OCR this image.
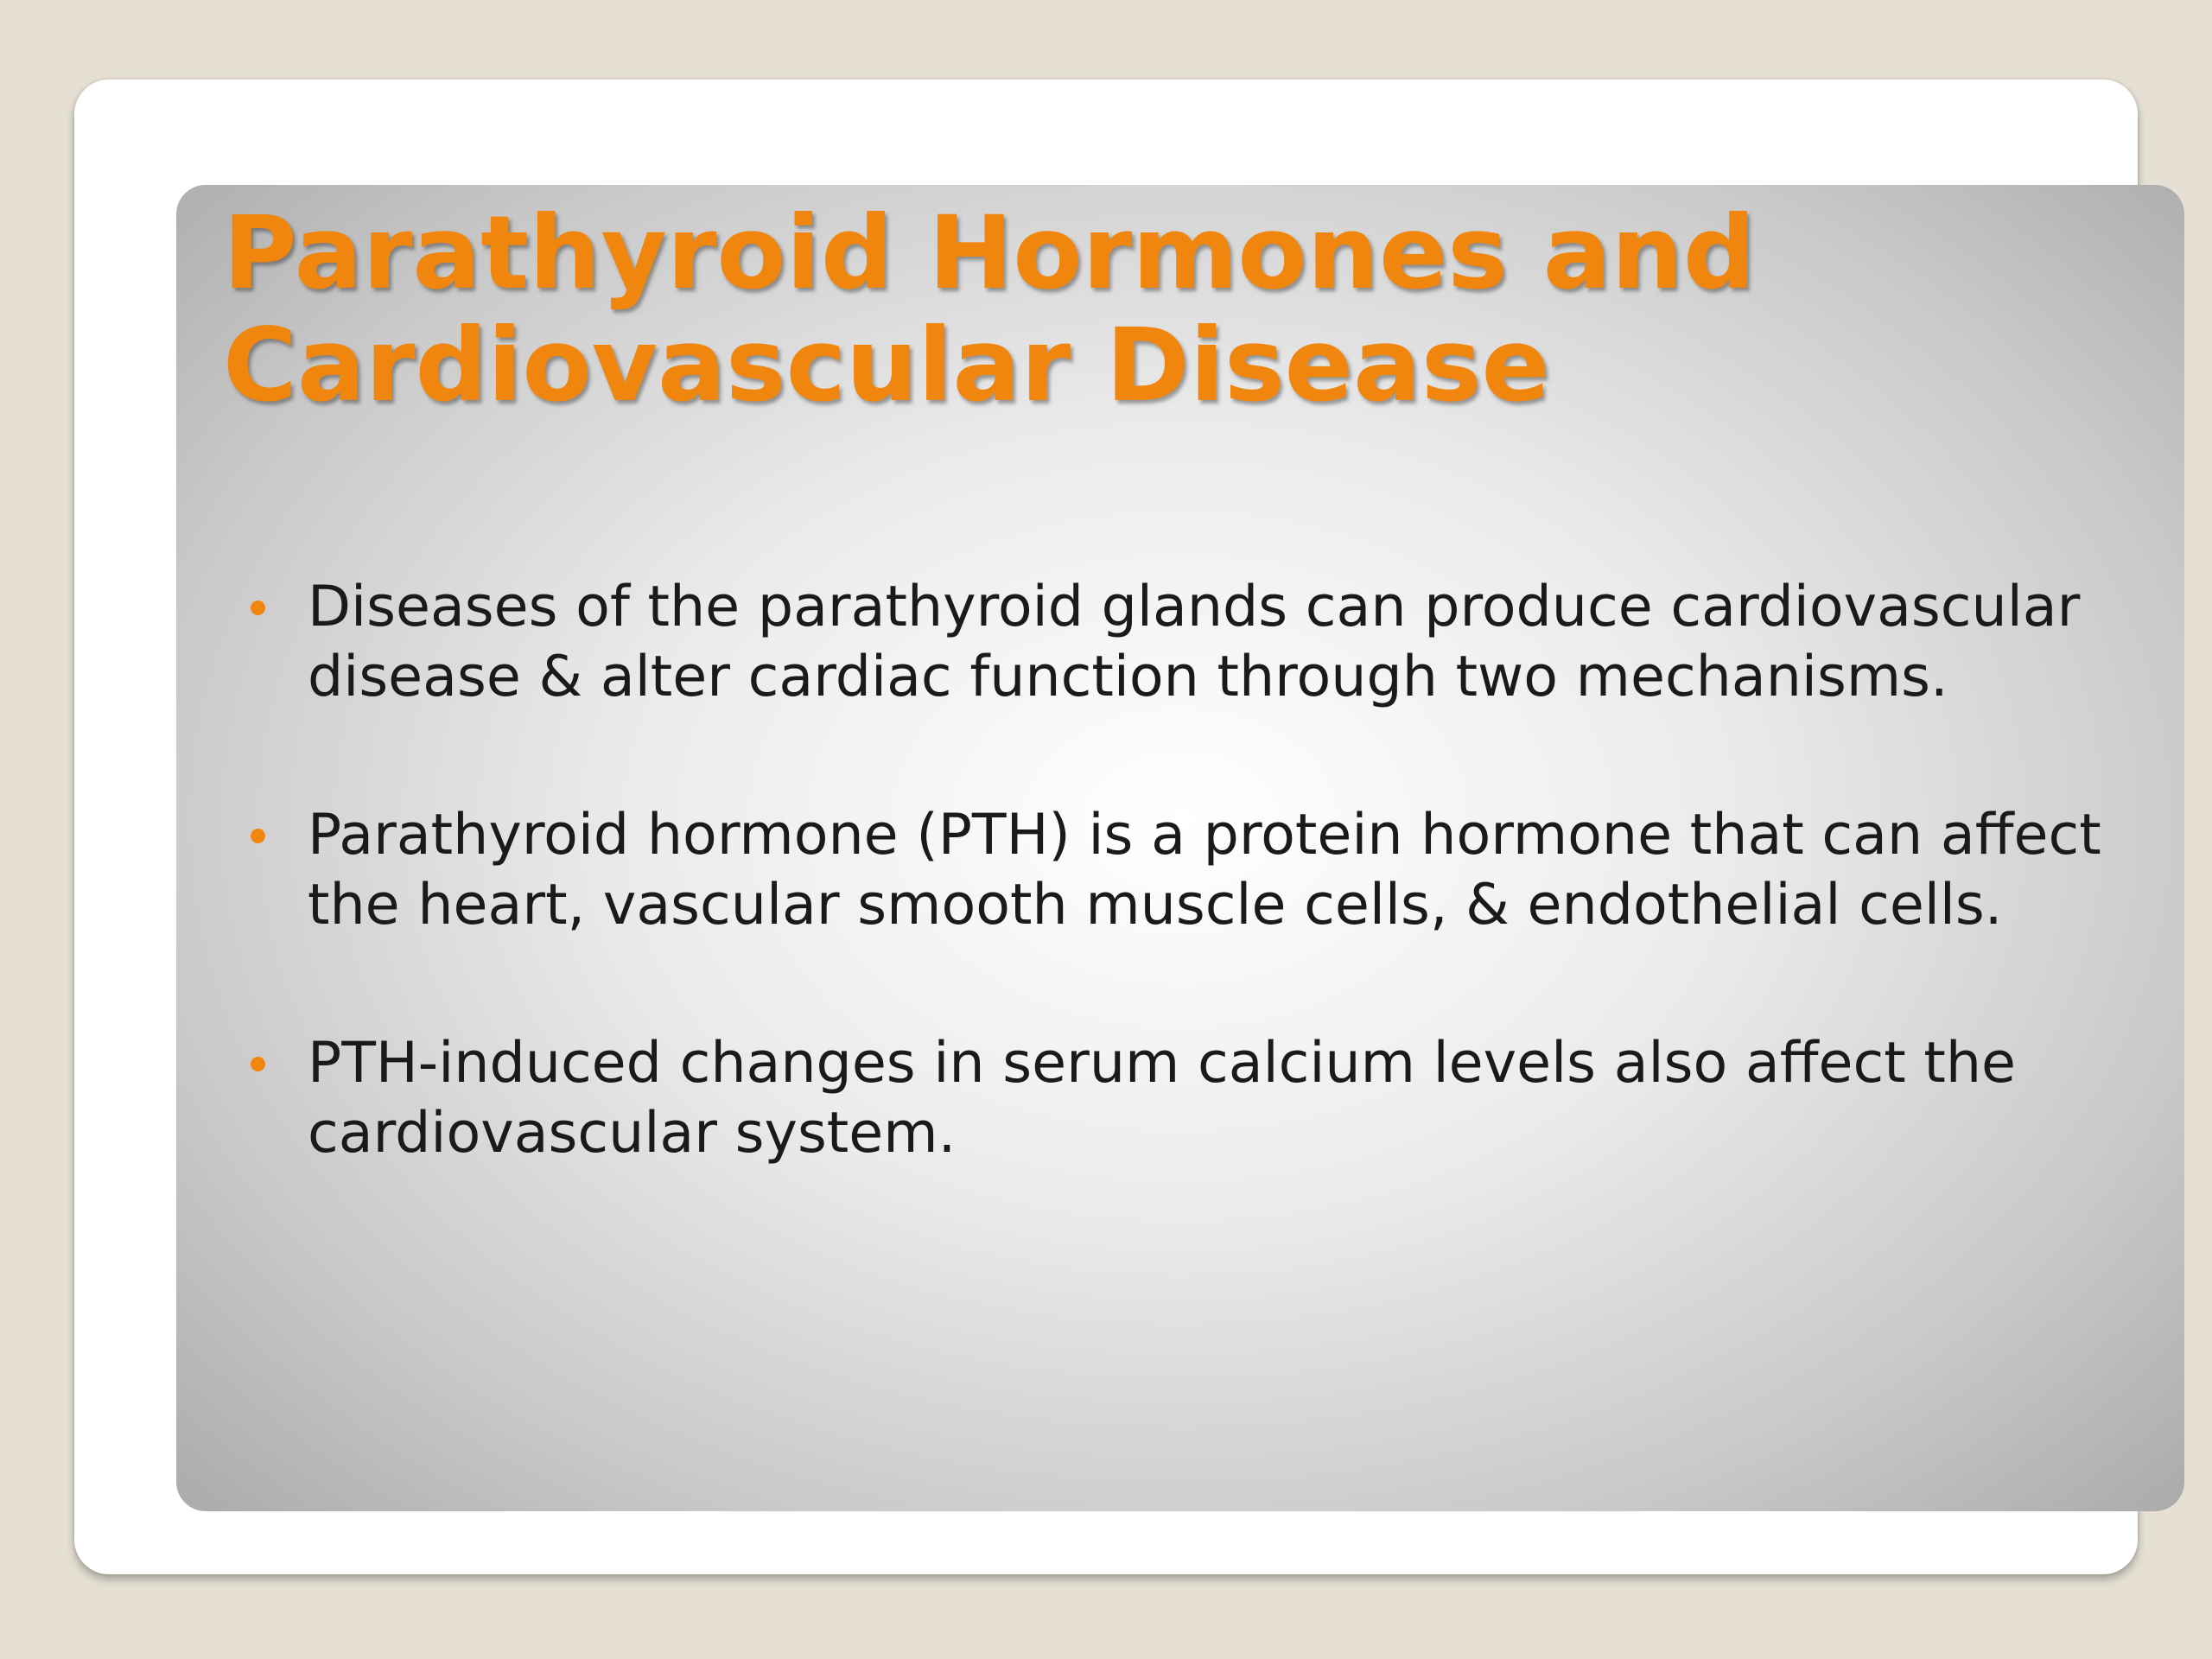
Parathyroid Hormones and
Cardiovascular Disease
Diseases of the parathyroid glands can produce cardiovascular disease & alter cardiac function through two mechanisms.
Parathyroid hormone (PTH) is a protein hormone that can affect the heart, vascular smooth muscle cells, & endothelial cells.
PTH-induced changes in serum calcium levels also affect the cardiovascular system.
